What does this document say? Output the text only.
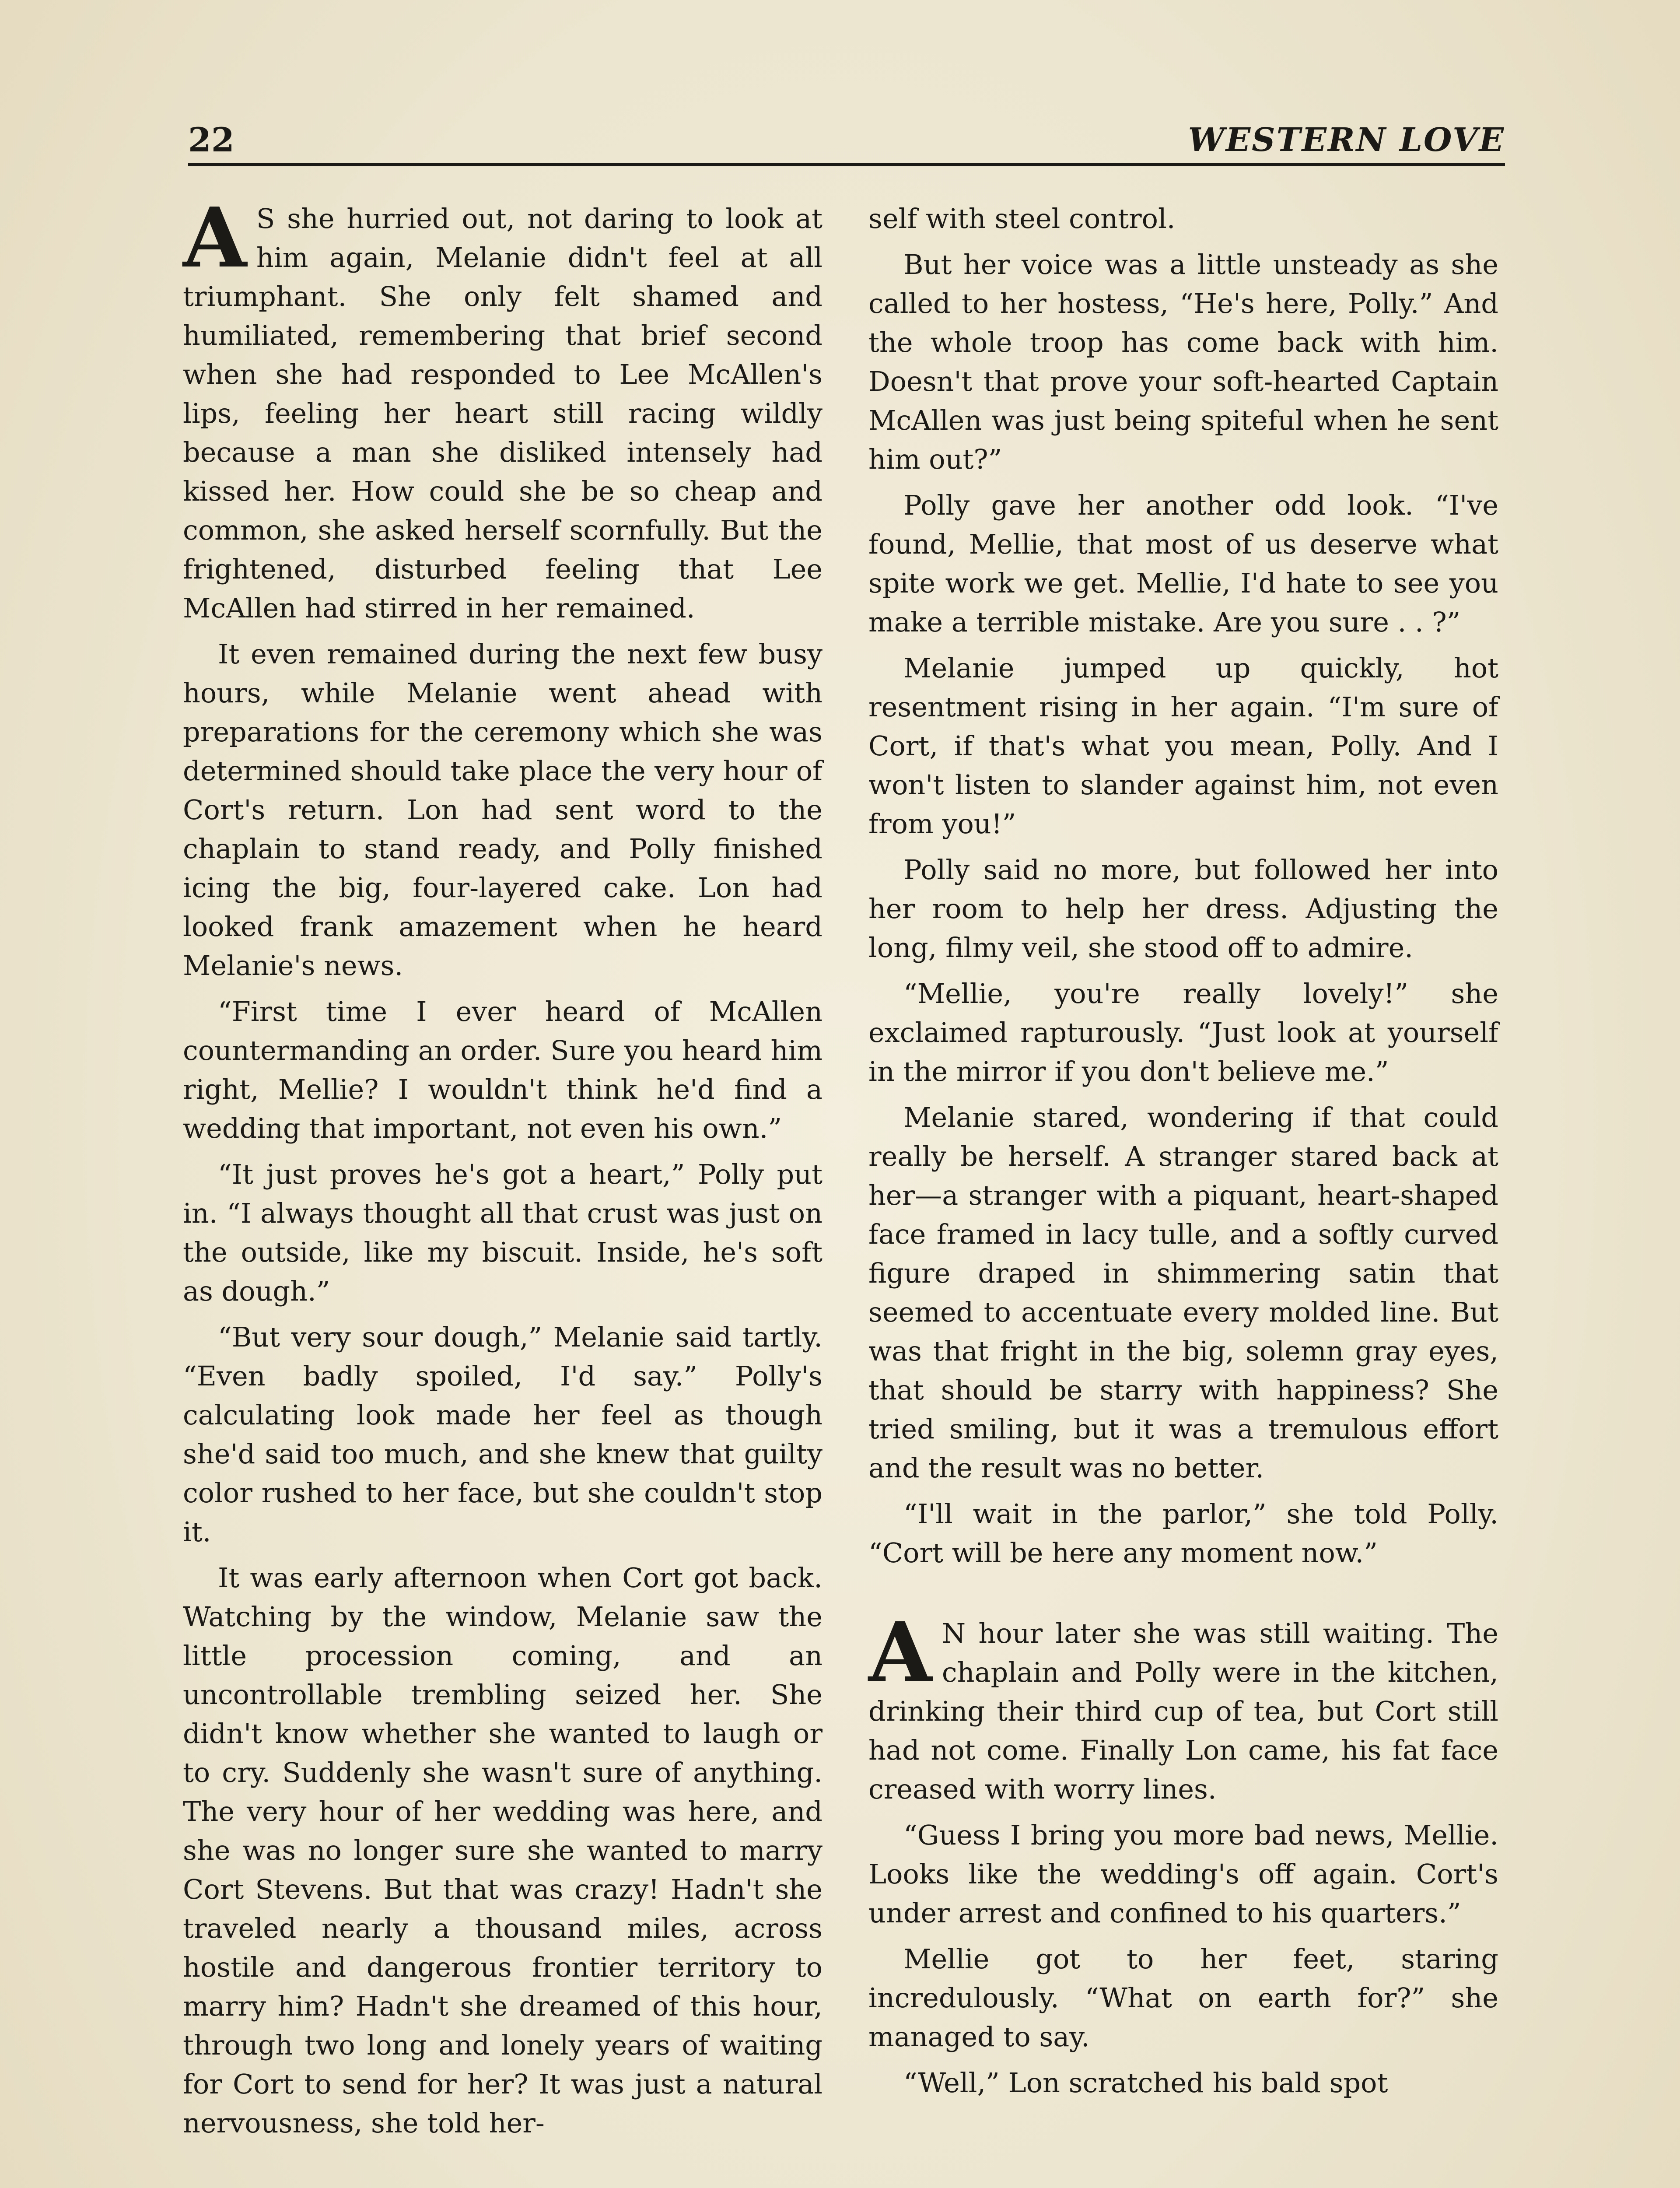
22	WESTERN LOVE

A S she hurried out, not daring to look at him again, Melanie didn't feel at all triumphant. She only felt shamed and humiliated, remembering that brief second when she had responded to Lee McAllen's lips, feeling her heart still racing wildly because a man she disliked intensely had kissed her. How could she be so cheap and common, she asked herself scornfully. But the frightened, disturbed feeling that Lee McAllen had stirred in her remained.

It even remained during the next few busy hours, while Melanie went ahead with preparations for the ceremony which she was determined should take place the very hour of Cort's return. Lon had sent word to the chaplain to stand ready, and Polly finished icing the big, four-layered cake. Lon had looked frank amazement when he heard Melanie's news.

“First time I ever heard of McAllen countermanding an order. Sure you heard him right, Mellie? I wouldn't think he'd find a wedding that important, not even his own.”

“It just proves he's got a heart,” Polly put in. “I always thought all that crust was just on the outside, like my biscuit. Inside, he's soft as dough.”

“But very sour dough,” Melanie said tartly. “Even badly spoiled, I'd say.” Polly's calculating look made her feel as though she'd said too much, and she knew that guilty color rushed to her face, but she couldn't stop it.

It was early afternoon when Cort got back. Watching by the window, Melanie saw the little procession coming, and an uncontrollable trembling seized her. She didn't know whether she wanted to laugh or to cry. Suddenly she wasn't sure of anything. The very hour of her wedding was here, and she was no longer sure she wanted to marry Cort Stevens. But that was crazy! Hadn't she traveled nearly a thousand miles, across hostile and dangerous frontier territory to marry him? Hadn't she dreamed of this hour, through two long and lonely years of waiting for Cort to send for her? It was just a natural nervousness, she told her-

self with steel control.

But her voice was a little unsteady as she called to her hostess, “He's here, Polly.” And the whole troop has come back with him. Doesn't that prove your soft-hearted Captain McAllen was just being spiteful when he sent him out?”

Polly gave her another odd look. “I've found, Mellie, that most of us deserve what spite work we get. Mellie, I'd hate to see you make a terrible mistake. Are you sure . . ?”

Melanie jumped up quickly, hot resentment rising in her again. “I'm sure of Cort, if that's what you mean, Polly. And I won't listen to slander against him, not even from you!”

Polly said no more, but followed her into her room to help her dress. Adjusting the long, filmy veil, she stood off to admire.

“Mellie, you're really lovely!” she exclaimed rapturously. “Just look at yourself in the mirror if you don't believe me.”

Melanie stared, wondering if that could really be herself. A stranger stared back at her—a stranger with a piquant, heart-shaped face framed in lacy tulle, and a softly curved figure draped in shimmering satin that seemed to accentuate every molded line. But was that fright in the big, solemn gray eyes, that should be starry with happiness? She tried smiling, but it was a tremulous effort and the result was no better.

“I'll wait in the parlor,” she told Polly. “Cort will be here any moment now.”

A N hour later she was still waiting. The chaplain and Polly were in the kitchen, drinking their third cup of tea, but Cort still had not come. Finally Lon came, his fat face creased with worry lines.

“Guess I bring you more bad news, Mellie. Looks like the wedding's off again. Cort's under arrest and confined to his quarters.”

Mellie got to her feet, staring incredulously. “What on earth for?” she managed to say.

“Well,” Lon scratched his bald spot
